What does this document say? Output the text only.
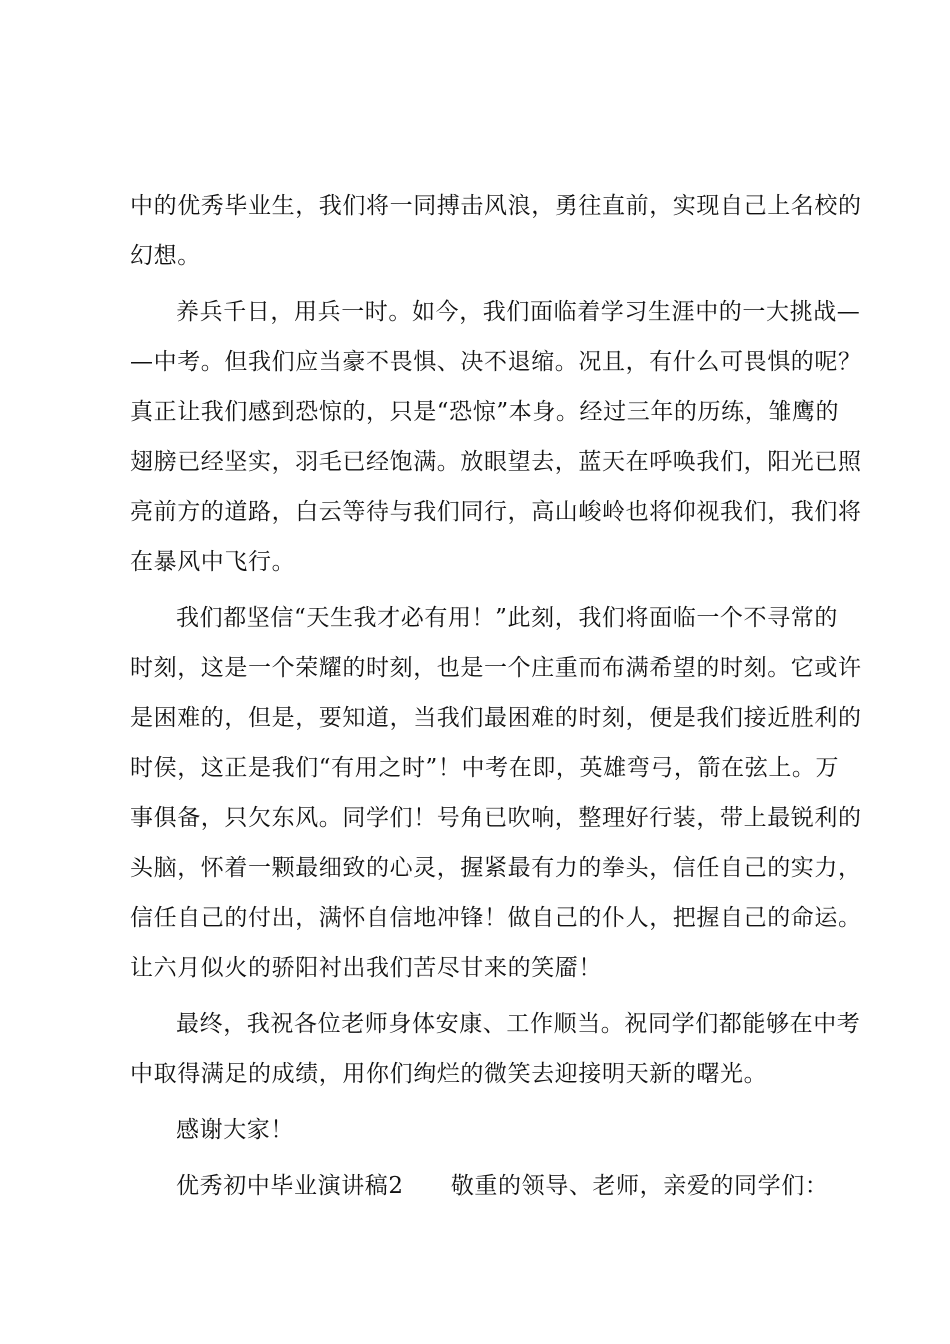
中的优秀毕业生，我们将一同搏击风浪，勇往直前，实现自己上名校的
幻想。
养兵千日，用兵一时。如今，我们面临着学习生涯中的一大挑战—
—中考。但我们应当豪不畏惧、决不退缩。况且，有什么可畏惧的呢？
真正让我们感到恐惊的，只是“恐惊”本身。经过三年的历练，雏鹰的
翅膀已经坚实，羽毛已经饱满。放眼望去，蓝天在呼唤我们，阳光已照
亮前方的道路，白云等待与我们同行，高山峻岭也将仰视我们，我们将
在暴风中飞行。
我们都坚信“天生我才必有用！”此刻，我们将面临一个不寻常的
时刻，这是一个荣耀的时刻，也是一个庄重而布满希望的时刻。它或许
是困难的，但是，要知道，当我们最困难的时刻，便是我们接近胜利的
时侯，这正是我们“有用之时”！中考在即，英雄弯弓，箭在弦上。万
事俱备，只欠东风。同学们！号角已吹响，整理好行装，带上最锐利的
头脑，怀着一颗最细致的心灵，握紧最有力的拳头，信任自己的实力，
信任自己的付出，满怀自信地冲锋！做自己的仆人，把握自己的命运。
让六月似火的骄阳衬出我们苦尽甘来的笑靥！
最终，我祝各位老师身体安康、工作顺当。祝同学们都能够在中考
中取得满足的成绩，用你们绚烂的微笑去迎接明天新的曙光。
感谢大家！
优秀初中毕业演讲稿2　　敬重的领导、老师，亲爱的同学们：
